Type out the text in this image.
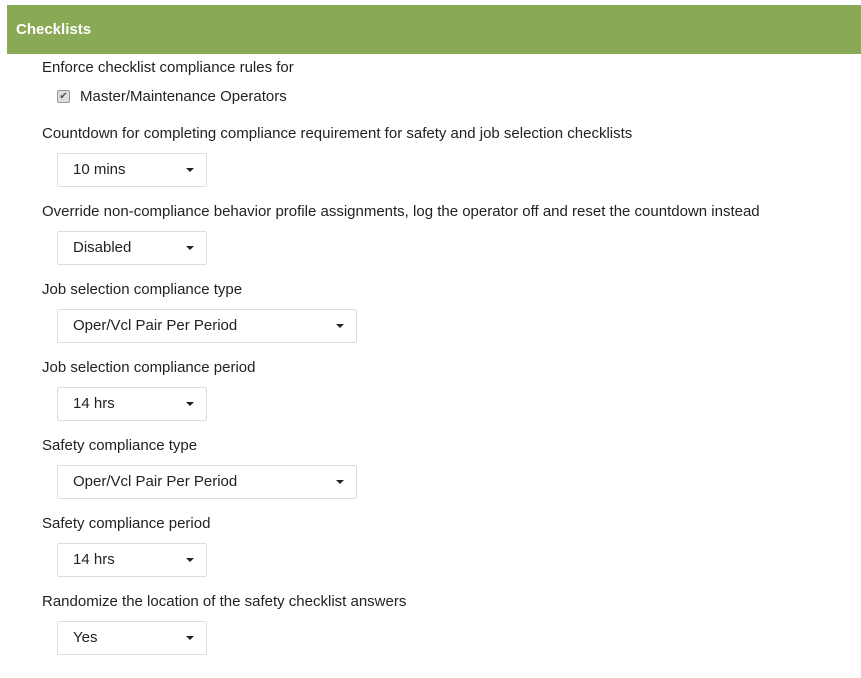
Checklists
Enforce checklist compliance rules for
✔ Master/Maintenance Operators
Countdown for completing compliance requirement for safety and job selection checklists
10 mins
Override non-compliance behavior profile assignments, log the operator off and reset the countdown instead
Disabled
Job selection compliance type
Oper/Vcl Pair Per Period
Job selection compliance period
14 hrs
Safety compliance type
Oper/Vcl Pair Per Period
Safety compliance period
14 hrs
Randomize the location of the safety checklist answers
Yes
